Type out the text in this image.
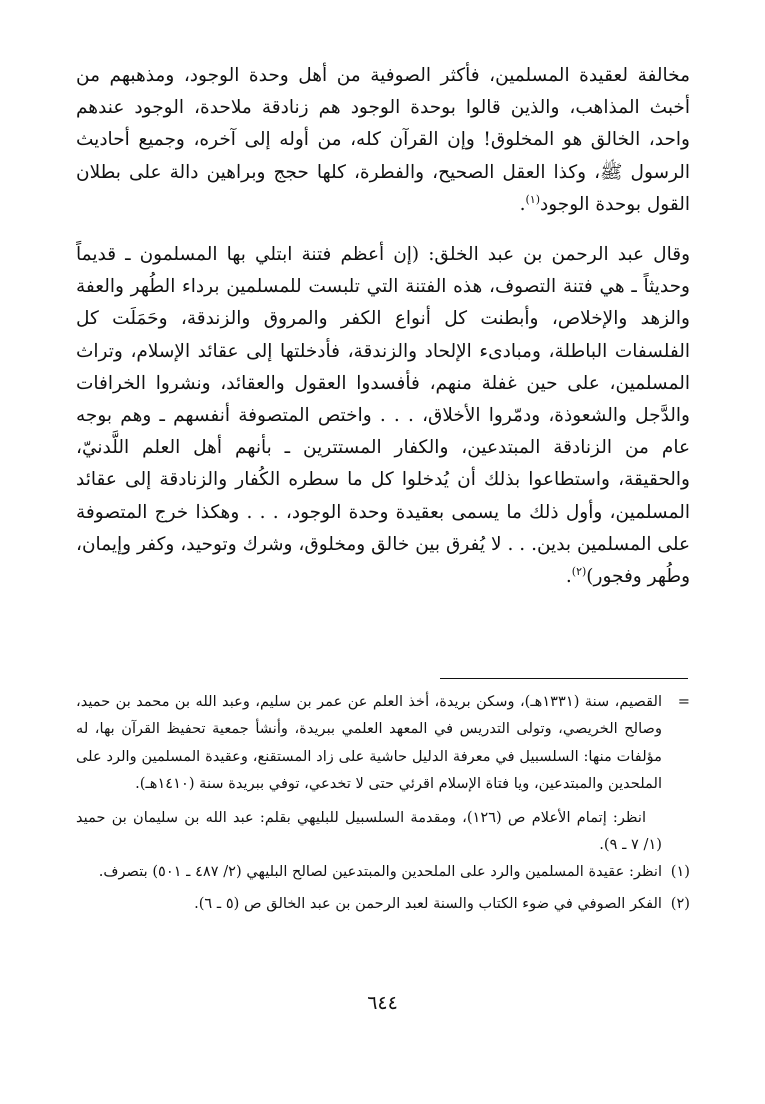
مخالفة لعقيدة المسلمين، فأكثر الصوفية من أهل وحدة الوجود، ومذهبهم من أخبث المذاهب، والذين قالوا بوحدة الوجود هم زنادقة ملاحدة، الوجود عندهم واحد، الخالق هو المخلوق! وإن القرآن كله، من أوله إلى آخره، وجميع أحاديث الرسول ﷺ، وكذا العقل الصحيح، والفطرة، كلها حجج وبراهين دالة على بطلان القول بوحدة الوجود$^{(١)}$.

وقال عبد الرحمن بن عبد الخلق: (إن أعظم فتنة ابتلي بها المسلمون ـ قديماً وحديثاً ـ هي فتنة التصوف، هذه الفتنة التي تلبست للمسلمين برداء الطُهر والعفة والزهد والإخلاص، وأبطنت كل أنواع الكفر والمروق والزندقة، وحَمَلَت كل الفلسفات الباطلة، ومبادىء الإلحاد والزندقة، فأدخلتها إلى عقائد الإسلام، وتراث المسلمين، على حين غفلة منهم، فأفسدوا العقول والعقائد، ونشروا الخرافات والدَّجل والشعوذة، ودمّروا الأخلاق، . . . واختص المتصوفة أنفسهم ـ وهم بوجه عام من الزنادقة المبتدعين، والكفار المستترين ـ بأنهم أهل العلم اللَّدنيّ، والحقيقة، واستطاعوا بذلك أن يُدخلوا كل ما سطره الكُفار والزنادقة إلى عقائد المسلمين، وأول ذلك ما يسمى بعقيدة وحدة الوجود، . . . وهكذا خرج المتصوفة على المسلمين بدين. . . لا يُفرق بين خالق ومخلوق، وشرك وتوحيد، وكفر وإيمان، وطُهر وفجور)$^{(٢)}$.

=
القصيم، سنة (١٣٣١هـ)، وسكن بريدة، أخذ العلم عن عمر بن سليم، وعبد الله بن محمد بن حميد، وصالح الخريصي، وتولى التدريس في المعهد العلمي ببريدة، وأنشأ جمعية تحفيظ القرآن بها، له مؤلفات منها: السلسبيل في معرفة الدليل حاشية على زاد المستقنع، وعقيدة المسلمين والرد على الملحدين والمبتدعين، ويا فتاة الإسلام اقرئي حتى لا تخدعي، توفي ببريدة سنة (١٤١٠هـ).

انظر: إتمام الأعلام ص (١٢٦)، ومقدمة السلسبيل للبليهي بقلم: عبد الله بن سليمان بن حميد (١/ ٧ ـ ٩).

(١)
انظر: عقيدة المسلمين والرد على الملحدين والمبتدعين لصالح البليهي (٢/ ٤٨٧ ـ ٥٠١) بتصرف.
(٢)
الفكر الصوفي في ضوء الكتاب والسنة لعبد الرحمن بن عبد الخالق ص (٥ ـ ٦).
٦٤٤
